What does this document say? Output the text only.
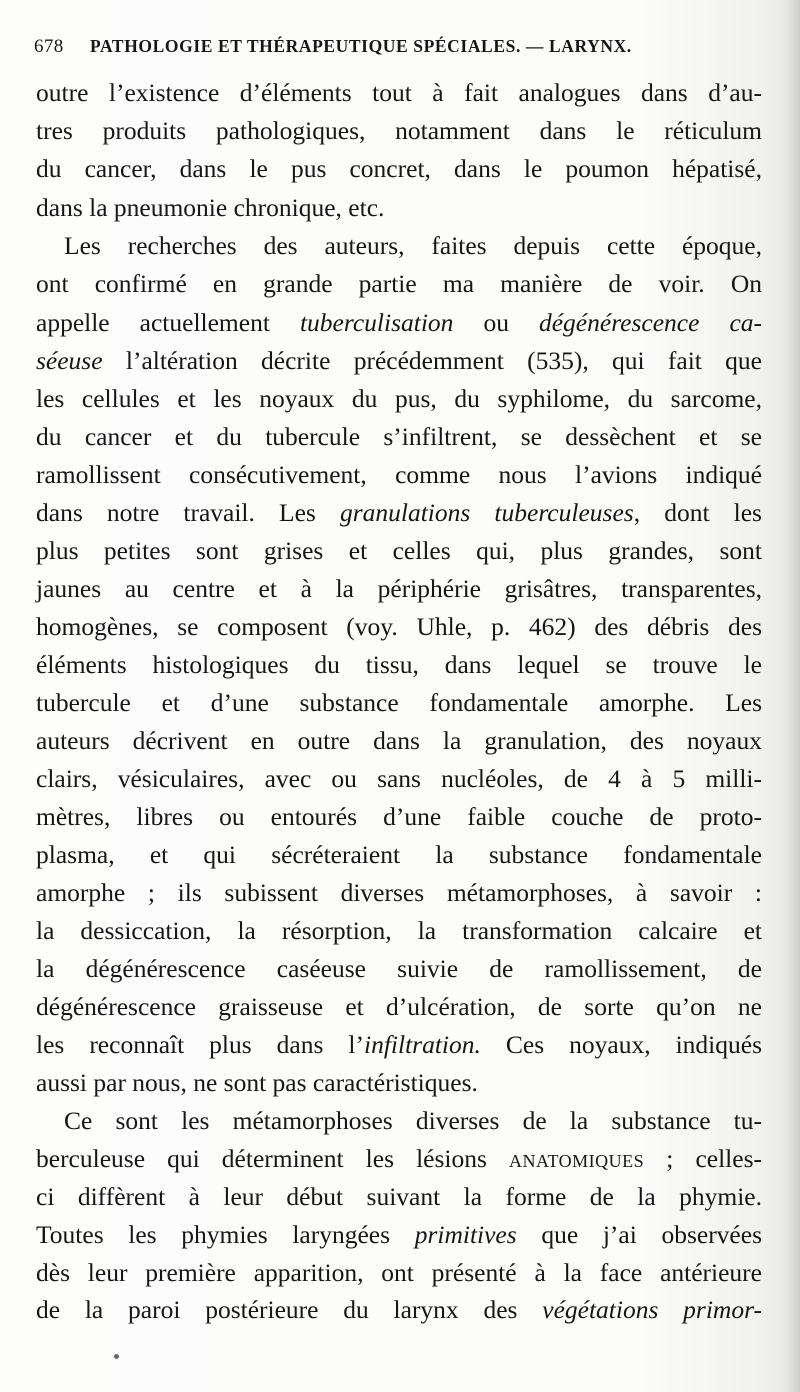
678 PATHOLOGIE ET THÉRAPEUTIQUE SPÉCIALES. — LARYNX.
outre l’existence d’éléments tout à fait analogues dans d’au-
tres produits pathologiques, notamment dans le réticulum
du cancer, dans le pus concret, dans le poumon hépatisé,
dans la pneumonie chronique, etc.
Les recherches des auteurs, faites depuis cette époque,
ont confirmé en grande partie ma manière de voir. On
appelle actuellement tuberculisation ou dégénérescence ca-
séeuse l’altération décrite précédemment (535), qui fait que
les cellules et les noyaux du pus, du syphilome, du sarcome,
du cancer et du tubercule s’infiltrent, se dessèchent et se
ramollissent consécutivement, comme nous l’avions indiqué
dans notre travail. Les granulations tuberculeuses, dont les
plus petites sont grises et celles qui, plus grandes, sont
jaunes au centre et à la périphérie grisâtres, transparentes,
homogènes, se composent (voy. Uhle, p. 462) des débris des
éléments histologiques du tissu, dans lequel se trouve le
tubercule et d’une substance fondamentale amorphe. Les
auteurs décrivent en outre dans la granulation, des noyaux
clairs, vésiculaires, avec ou sans nucléoles, de 4 à 5 milli-
mètres, libres ou entourés d’une faible couche de proto-
plasma, et qui sécréteraient la substance fondamentale
amorphe ; ils subissent diverses métamorphoses, à savoir :
la dessiccation, la résorption, la transformation calcaire et
la dégénérescence caséeuse suivie de ramollissement, de
dégénérescence graisseuse et d’ulcération, de sorte qu’on ne
les reconnaît plus dans l’infiltration. Ces noyaux, indiqués
aussi par nous, ne sont pas caractéristiques.
Ce sont les métamorphoses diverses de la substance tu-
berculeuse qui déterminent les lésions anatomiques ; celles-
ci diffèrent à leur début suivant la forme de la phymie.
Toutes les phymies laryngées primitives que j’ai observées
dès leur première apparition, ont présenté à la face antérieure
de la paroi postérieure du larynx des végétations primor-
